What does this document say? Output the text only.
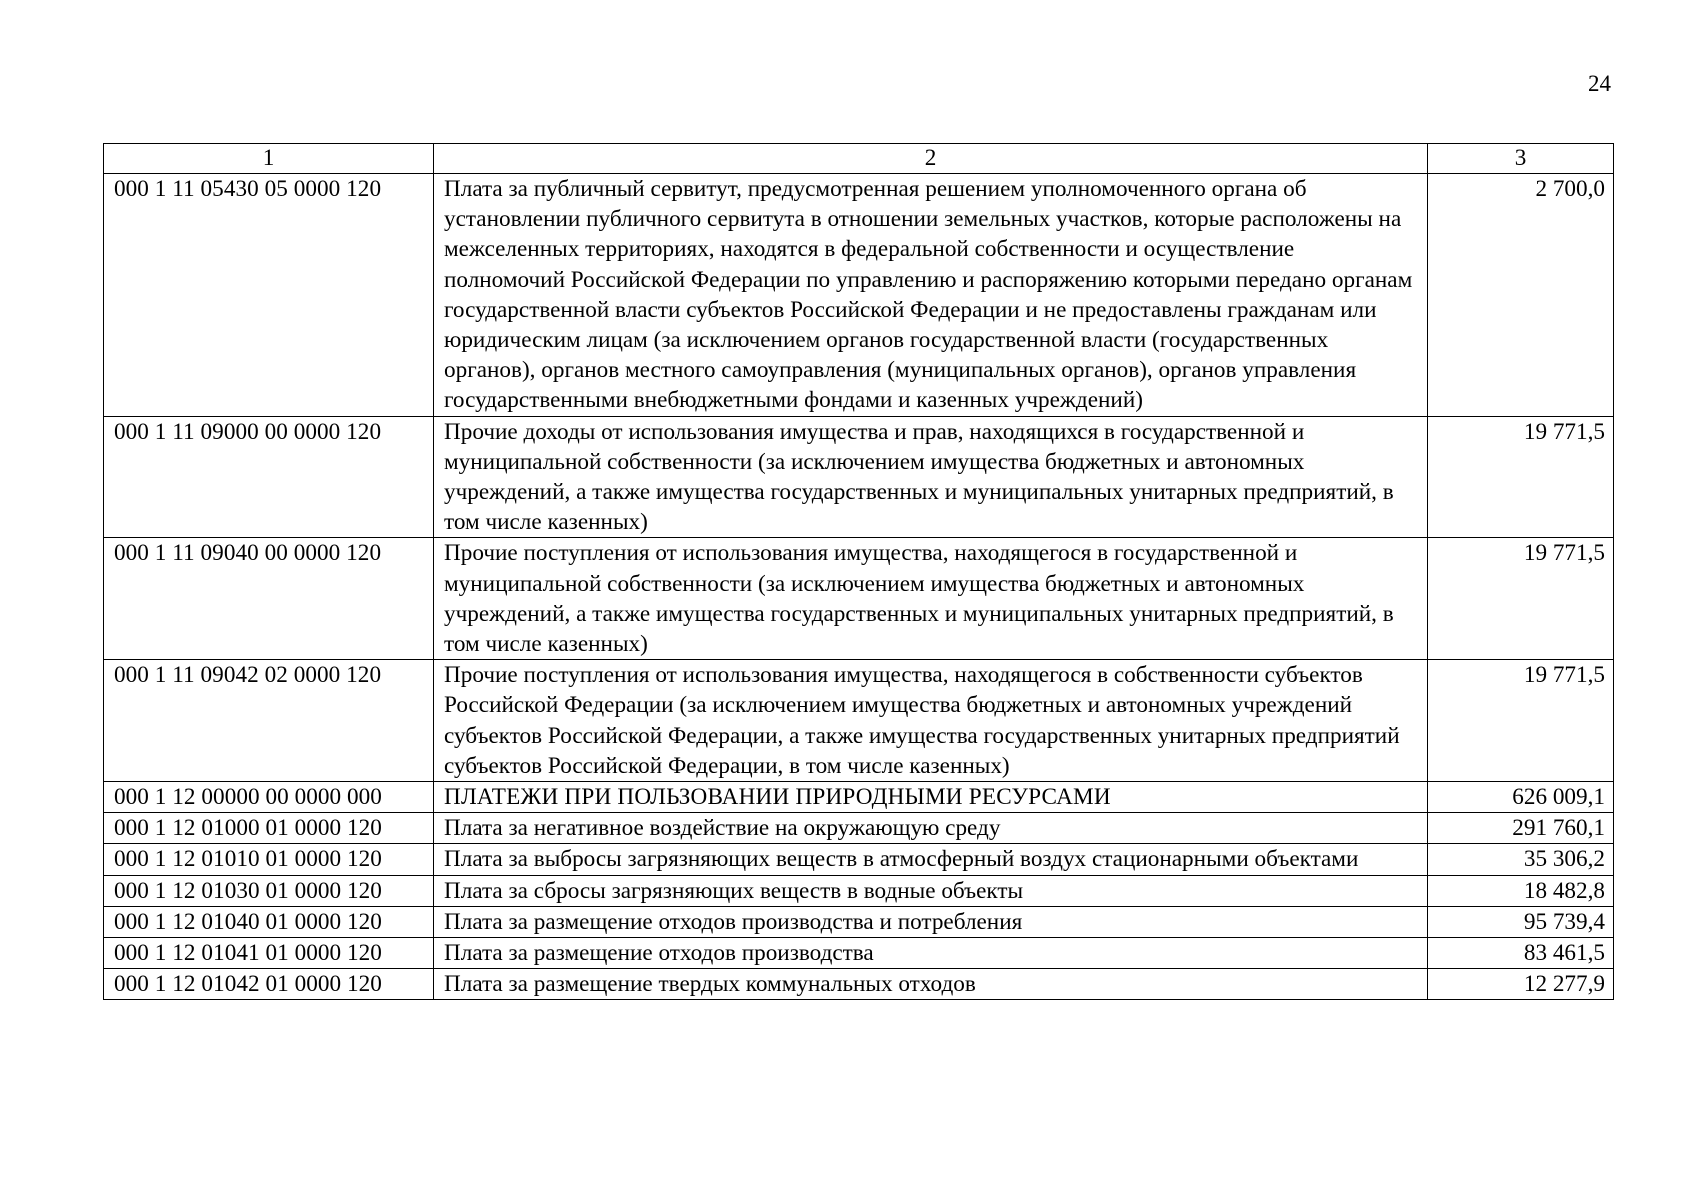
24
1	2	3
000 1 11 05430 05 0000 120	Плата за публичный сервитут, предусмотренная решением уполномоченного органа об установлении публичного сервитута в отношении земельных участков, которые расположены на межселенных территориях, находятся в федеральной собственности и осуществление полномочий Российской Федерации по управлению и распоряжению которыми передано органам государственной власти субъектов Российской Федерации и не предоставлены гражданам или юридическим лицам (за исключением органов государственной власти (государственных органов), органов местного самоуправления (муниципальных органов), органов управления государственными внебюджетными фондами и казенных учреждений)	2 700,0
000 1 11 09000 00 0000 120	Прочие доходы от использования имущества и прав, находящихся в государственной и муниципальной собственности (за исключением имущества бюджетных и автономных учреждений, а также имущества государственных и муниципальных унитарных предприятий, в том числе казенных)	19 771,5
000 1 11 09040 00 0000 120	Прочие поступления от использования имущества, находящегося в государственной и муниципальной собственности (за исключением имущества бюджетных и автономных учреждений, а также имущества государственных и муниципальных унитарных предприятий, в том числе казенных)	19 771,5
000 1 11 09042 02 0000 120	Прочие поступления от использования имущества, находящегося в собственности субъектов Российской Федерации (за исключением имущества бюджетных и автономных учреждений субъектов Российской Федерации, а также имущества государственных унитарных предприятий субъектов Российской Федерации, в том числе казенных)	19 771,5
000 1 12 00000 00 0000 000	ПЛАТЕЖИ ПРИ ПОЛЬЗОВАНИИ ПРИРОДНЫМИ РЕСУРСАМИ	626 009,1
000 1 12 01000 01 0000 120	Плата за негативное воздействие на окружающую среду	291 760,1
000 1 12 01010 01 0000 120	Плата за выбросы загрязняющих веществ в атмосферный воздух стационарными объектами	35 306,2
000 1 12 01030 01 0000 120	Плата за сбросы загрязняющих веществ в водные объекты	18 482,8
000 1 12 01040 01 0000 120	Плата за размещение отходов производства и потребления	95 739,4
000 1 12 01041 01 0000 120	Плата за размещение отходов производства	83 461,5
000 1 12 01042 01 0000 120	Плата за размещение твердых коммунальных отходов	12 277,9
